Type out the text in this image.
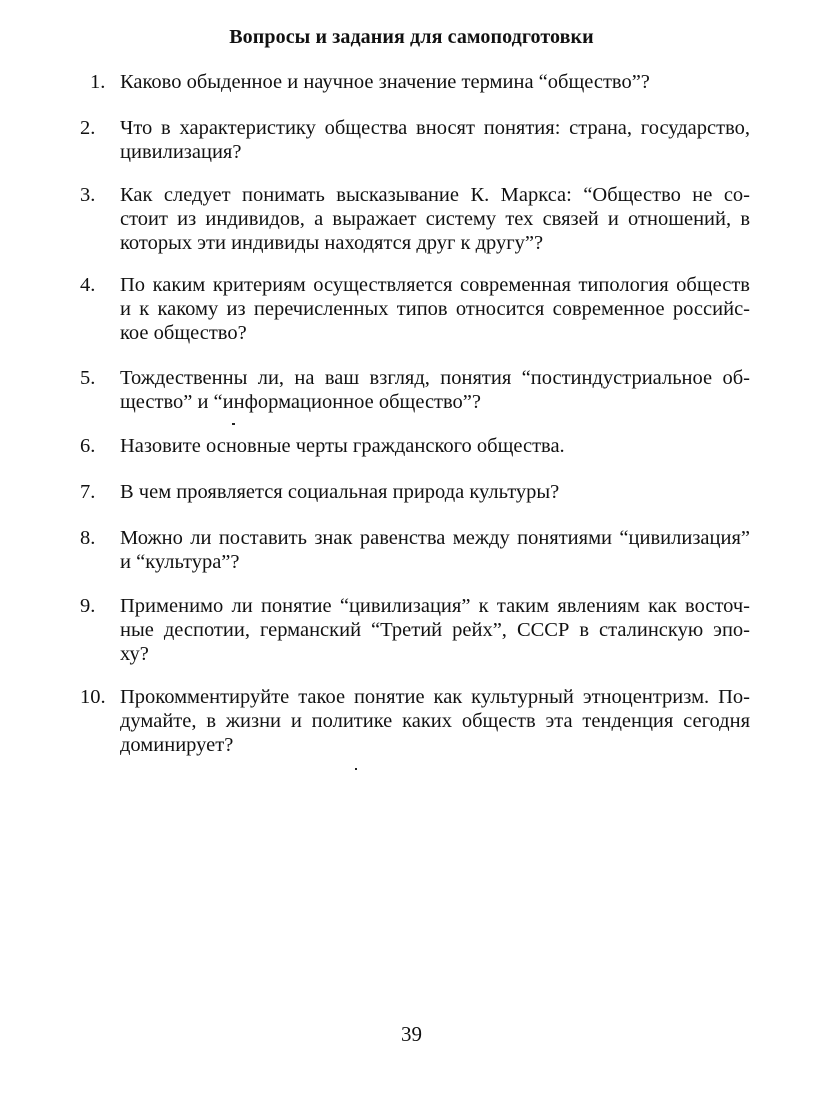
Вопросы и задания для самоподготовки
1. Каково обыденное и научное значение термина “общество”?
2.	Что в характеристику общества вносят понятия: страна, государство,
цивилизация?
3.	Как следует понимать высказывание К. Маркса: “Общество не со-
стоит из индивидов, а выражает систему тех связей и отношений, в
которых эти индивиды находятся друг к другу”?
4.	По каким критериям осуществляется современная типология обществ
и к какому из перечисленных типов относится современное российс-
кое общество?
5.	Тождественны ли, на ваш взгляд, понятия “постиндустриальное об-
щество” и “информационное общество”?
6.	Назовите основные черты гражданского общества.
7.	В чем проявляется социальная природа культуры?
8.	Можно ли поставить знак равенства между понятиями “цивилизация”
и “культура”?
9.	Применимо ли понятие “цивилизация” к таким явлениям как восточ-
ные деспотии, германский “Третий рейх”, СССР в сталинскую эпо-
ху?
10. Прокомментируйте такое понятие как культурный этноцентризм. По-
думайте, в жизни и политике каких обществ эта тенденция сегодня
доминирует?
39
